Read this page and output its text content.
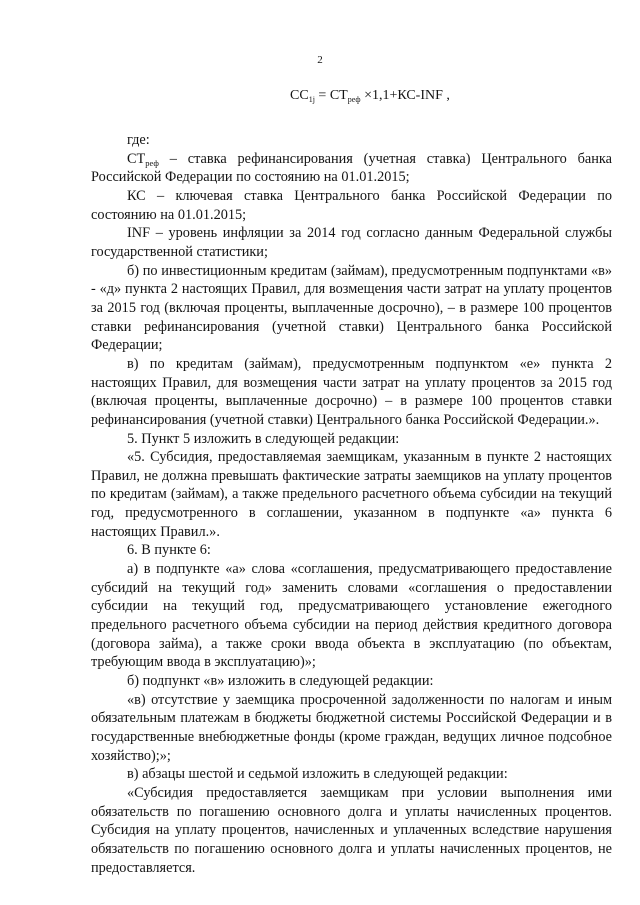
2
$СС_{1j} = СТ_{реф} \times 1,1+КС-INF$ ,

где:

$СТ_{реф}$ – ставка рефинансирования (учетная ставка) Центрального банка Российской Федерации по состоянию на 01.01.2015;

КС – ключевая ставка Центрального банка Российской Федерации по состоянию на 01.01.2015;

INF – уровень инфляции за 2014 год согласно данным Федеральной службы государственной статистики;

б) по инвестиционным кредитам (займам), предусмотренным подпунктами «в» - «д» пункта 2 настоящих Правил, для возмещения части затрат на уплату процентов за 2015 год (включая проценты, выплаченные досрочно), – в размере 100 процентов ставки рефинансирования (учетной ставки) Центрального банка Российской Федерации;

в) по кредитам (займам), предусмотренным подпунктом «е» пункта 2 настоящих Правил, для возмещения части затрат на уплату процентов за 2015 год (включая проценты, выплаченные досрочно) – в размере 100 процентов ставки рефинансирования (учетной ставки) Центрального банка Российской Федерации.».

5. Пункт 5 изложить в следующей редакции:

«5. Субсидия, предоставляемая заемщикам, указанным в пункте 2 настоящих Правил, не должна превышать фактические затраты заемщиков на уплату процентов по кредитам (займам), а также предельного расчетного объема субсидии на текущий год, предусмотренного в соглашении, указанном в подпункте «а» пункта 6 настоящих Правил.».

6. В пункте 6:

а) в подпункте «а» слова «соглашения, предусматривающего предоставление субсидий на текущий год» заменить словами «соглашения о предоставлении субсидии на текущий год, предусматривающего установление ежегодного предельного расчетного объема субсидии на период действия кредитного договора (договора займа), а также сроки ввода объекта в эксплуатацию (по объектам, требующим ввода в эксплуатацию)»;

б) подпункт «в» изложить в следующей редакции:

«в) отсутствие у заемщика просроченной задолженности по налогам и иным обязательным платежам в бюджеты бюджетной системы Российской Федерации и в государственные внебюджетные фонды (кроме граждан, ведущих личное подсобное хозяйство);»;

в) абзацы шестой и седьмой изложить в следующей редакции:

«Субсидия предоставляется заемщикам при условии выполнения ими обязательств по погашению основного долга и уплаты начисленных процентов. Субсидия на уплату процентов, начисленных и уплаченных вследствие нарушения обязательств по погашению основного долга и уплаты начисленных процентов, не предоставляется.
